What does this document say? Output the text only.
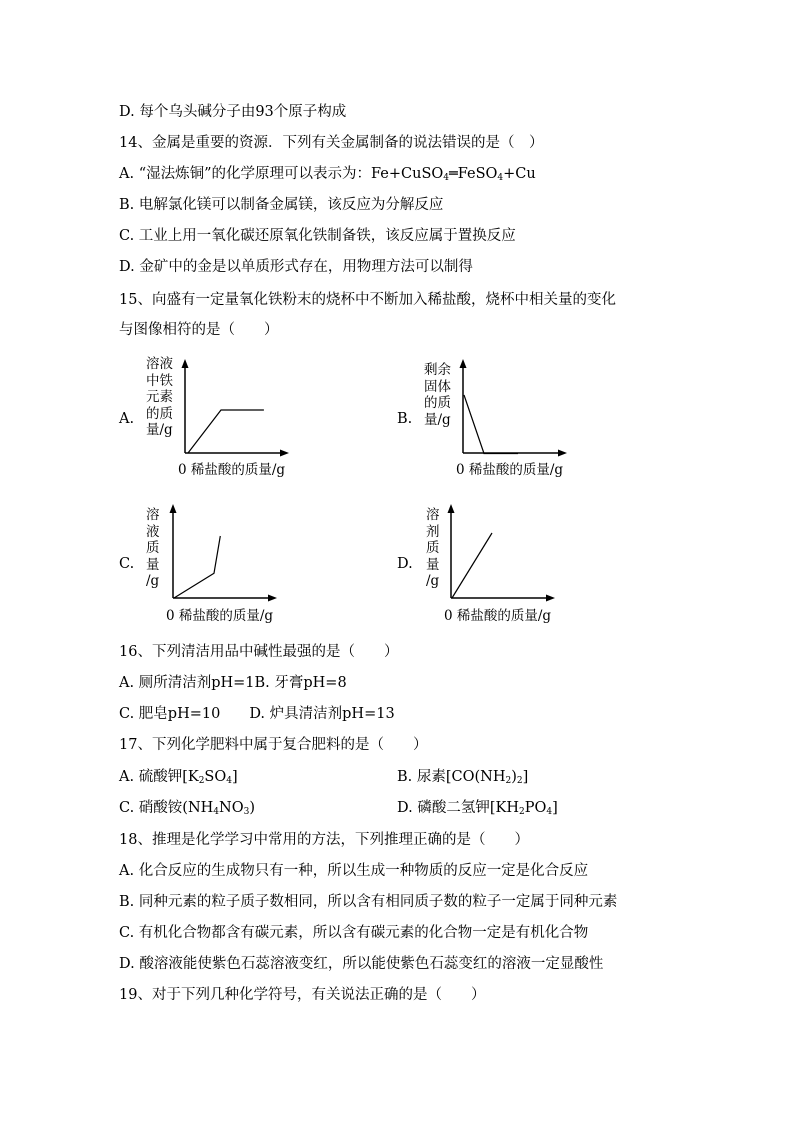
D. 每个乌头碱分子由93个原子构成
14、金属是重要的资源．下列有关金属制备的说法错误的是（　）
A. “湿法炼铜”的化学原理可以表示为：Fe+CuSO$_4$═FeSO$_4$+Cu
B. 电解氯化镁可以制备金属镁，该反应为分解反应
C. 工业上用一氧化碳还原氧化铁制备铁，该反应属于置换反应
D. 金矿中的金是以单质形式存在，用物理方法可以制得
15、向盛有一定量氧化铁粉末的烧杯中不断加入稀盐酸，烧杯中相关量的变化
与图像相符的是（　　）
A.
溶液
中铁
元素
的质
量/g
0 稀盐酸的质量/g
B.
剩余
固体
的质
量/g
0 稀盐酸的质量/g
C.
溶
液
质
量
/g
0 稀盐酸的质量/g
D.
溶
剂
质
量
/g
0 稀盐酸的质量/g
16、下列清洁用品中碱性最强的是（　　）
A. 厕所清洁剂pH=1B. 牙膏pH=8
C. 肥皂pH=10　　D. 炉具清洁剂pH=13
17、下列化学肥料中属于复合肥料的是（　　）
A. 硫酸钾$[K_2SO_4]$	B. 尿素$[CO(NH_2)_2]$
C. 硝酸铵$(NH_4NO_3)$	D. 磷酸二氢钾$[KH_2PO_4]$
18、推理是化学学习中常用的方法，下列推理正确的是（　　）
A. 化合反应的生成物只有一种，所以生成一种物质的反应一定是化合反应
B. 同种元素的粒子质子数相同，所以含有相同质子数的粒子一定属于同种元素
C. 有机化合物都含有碳元素，所以含有碳元素的化合物一定是有机化合物
D. 酸溶液能使紫色石蕊溶液变红，所以能使紫色石蕊变红的溶液一定显酸性
19、对于下列几种化学符号，有关说法正确的是（　　）
